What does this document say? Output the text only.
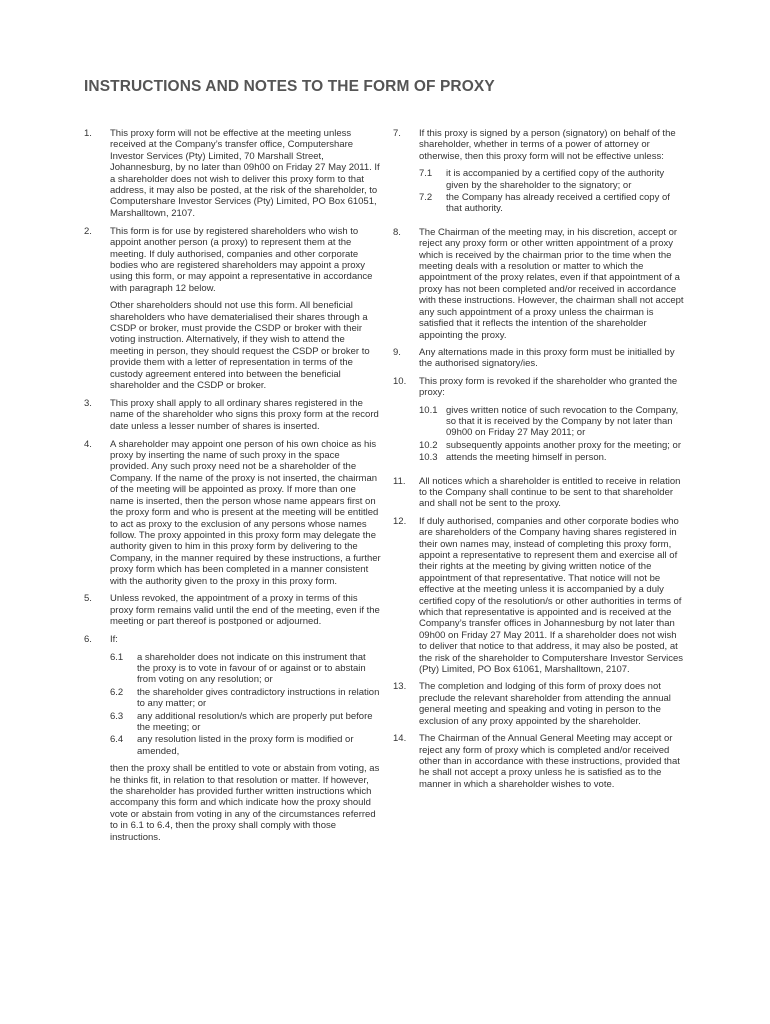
INSTRUCTIONS AND NOTES TO THE FORM OF PROXY
1.	This proxy form will not be effective at the meeting unless received at the Company’s transfer office, Computershare Investor Services (Pty) Limited, 70 Marshall Street, Johannesburg, by no later than 09h00 on Friday 27 May 2011. If a shareholder does not wish to deliver this proxy form to that address, it may also be posted, at the risk of the shareholder, to Computershare Investor Services (Pty) Limited, PO Box 61051, Marshalltown, 2107.

2.	This form is for use by registered shareholders who wish to appoint another person (a proxy) to represent them at the meeting. If duly authorised, companies and other corporate bodies who are registered shareholders may appoint a proxy using this form, or may appoint a representative in accordance with paragraph 12 below.

Other shareholders should not use this form. All beneficial shareholders who have dematerialised their shares through a CSDP or broker, must provide the CSDP or broker with their voting instruction. Alternatively, if they wish to attend the meeting in person, they should request the CSDP or broker to provide them with a letter of representation in terms of the custody agreement entered into between the beneficial shareholder and the CSDP or broker.

3.	This proxy shall apply to all ordinary shares registered in the name of the shareholder who signs this proxy form at the record date unless a lesser number of shares is inserted.

4.	A shareholder may appoint one person of his own choice as his proxy by inserting the name of such proxy in the space provided. Any such proxy need not be a shareholder of the Company. If the name of the proxy is not inserted, the chairman of the meeting will be appointed as proxy. If more than one name is inserted, then the person whose name appears first on the proxy form and who is present at the meeting will be entitled to act as proxy to the exclusion of any persons whose names follow. The proxy appointed in this proxy form may delegate the authority given to him in this proxy form by delivering to the Company, in the manner required by these instructions, a further proxy form which has been completed in a manner consistent with the authority given to the proxy in this proxy form.

5.	Unless revoked, the appointment of a proxy in terms of this proxy form remains valid until the end of the meeting, even if the meeting or part thereof is postponed or adjourned.

6.	If:

6.1	a shareholder does not indicate on this instrument that the proxy is to vote in favour of or against or to abstain from voting on any resolution; or
6.2	the shareholder gives contradictory instructions in relation to any matter; or
6.3	any additional resolution/s which are properly put before the meeting; or
6.4	any resolution listed in the proxy form is modified or amended,

then the proxy shall be entitled to vote or abstain from voting, as he thinks fit, in relation to that resolution or matter. If however, the shareholder has provided further written instructions which accompany this form and which indicate how the proxy should vote or abstain from voting in any of the circumstances referred to in 6.1 to 6.4, then the proxy shall comply with those instructions.

7.	If this proxy is signed by a person (signatory) on behalf of the shareholder, whether in terms of a power of attorney or otherwise, then this proxy form will not be effective unless:

7.1	it is accompanied by a certified copy of the authority given by the shareholder to the signatory; or
7.2	the Company has already received a certified copy of that authority.
8.	The Chairman of the meeting may, in his discretion, accept or reject any proxy form or other written appointment of a proxy which is received by the chairman prior to the time when the meeting deals with a resolution or matter to which the appointment of the proxy relates, even if that appointment of a proxy has not been completed and/or received in accordance with these instructions. However, the chairman shall not accept any such appointment of a proxy unless the chairman is satisfied that it reflects the intention of the shareholder appointing the proxy.

9.	Any alternations made in this proxy form must be initialled by the authorised signatory/ies.

10.	This proxy form is revoked if the shareholder who granted the proxy:

10.1 gives written notice of such revocation to the Company, so that it is received by the Company by not later than 09h00 on Friday 27 May 2011; or
10.2 subsequently appoints another proxy for the meeting; or
10.3 attends the meeting himself in person.
11.	All notices which a shareholder is entitled to receive in relation to the Company shall continue to be sent to that shareholder and shall not be sent to the proxy.

12.	If duly authorised, companies and other corporate bodies who are shareholders of the Company having shares registered in their own names may, instead of completing this proxy form, appoint a representative to represent them and exercise all of their rights at the meeting by giving written notice of the appointment of that representative. That notice will not be effective at the meeting unless it is accompanied by a duly certified copy of the resolution/s or other authorities in terms of which that representative is appointed and is received at the Company’s transfer offices in Johannesburg by not later than 09h00 on Friday 27 May 2011. If a shareholder does not wish to deliver that notice to that address, it may also be posted, at the risk of the shareholder to Computershare Investor Services (Pty) Limited, PO Box 61061, Marshalltown, 2107.

13.	The completion and lodging of this form of proxy does not preclude the relevant shareholder from attending the annual general meeting and speaking and voting in person to the exclusion of any proxy appointed by the shareholder.

14.	The Chairman of the Annual General Meeting may accept or reject any form of proxy which is completed and/or received other than in accordance with these instructions, provided that he shall not accept a proxy unless he is satisfied as to the manner in which a shareholder wishes to vote.
